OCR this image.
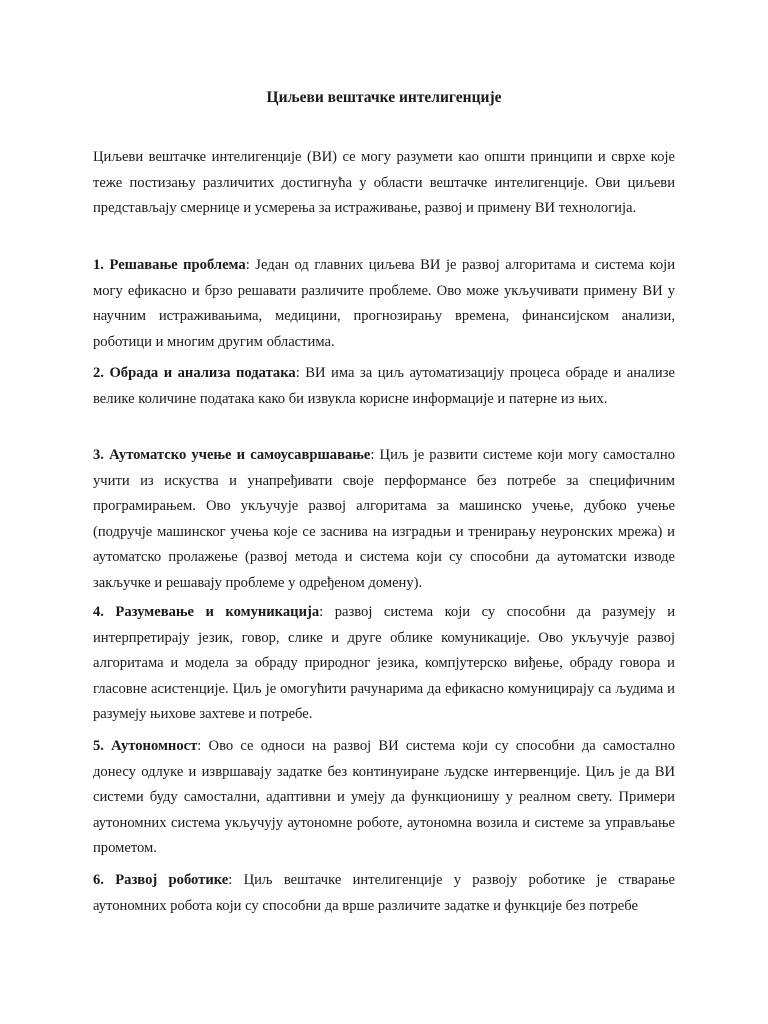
Циљеви вештачке интелигенције

Циљеви вештачке интелигенције (ВИ) се могу разумети као општи принципи и сврхе које теже постизању различитих достигнућа у области вештачке интелигенције. Ови циљеви представљају смернице и усмерења за истраживање, развој и примену ВИ технологија.

1. Решавање проблема: Један од главних циљева ВИ је развој алгоритама и система који могу ефикасно и брзо решавати различите проблеме. Ово може укључивати примену ВИ у научним истраживањима, медицини, прогнозирању времена, финансијском анализи, роботици и многим другим областима.

2. Обрада и анализа података: ВИ има за циљ аутоматизацију процеса обраде и анализе велике количине података како би извукла корисне информације и патерне из њих.

3. Аутоматско учење и самоусавршавање: Циљ је развити системе који могу самостално учити из искуства и унапређивати своје перформансе без потребе за специфичним програмирањем. Ово укључује развој алгоритама за машинско учење, дубоко учење (подручје машинског учења које се заснива на изградњи и тренирању неуронских мрежа) и аутоматско пролажење (развој метода и система који су способни да аутоматски изводе закључке и решавају проблеме у одређеном домену).

4. Разумевање и комуникација: развој система који су способни да разумеју и интерпретирају језик, говор, слике и друге облике комуникације. Ово укључује развој алгоритама и модела за обраду природног језика, компјутерско виђење, обраду говора и гласовне асистенције. Циљ је омогућити рачунарима да ефикасно комуницирају са људима и разумеју њихове захтеве и потребе.

5. Аутономност: Ово се односи на развој ВИ система који су способни да самостално донесу одлуке и извршавају задатке без континуиране људске интервенције. Циљ је да ВИ системи буду самостални, адаптивни и умеју да функционишу у реалном свету. Примери аутономних система укључују аутономне роботе, аутономна возила и системе за управљање прометом.

6. Развој роботике: Циљ вештачке интелигенције у развоју роботике је стварање аутономних робота који су способни да врше различите задатке и функције без потребе
